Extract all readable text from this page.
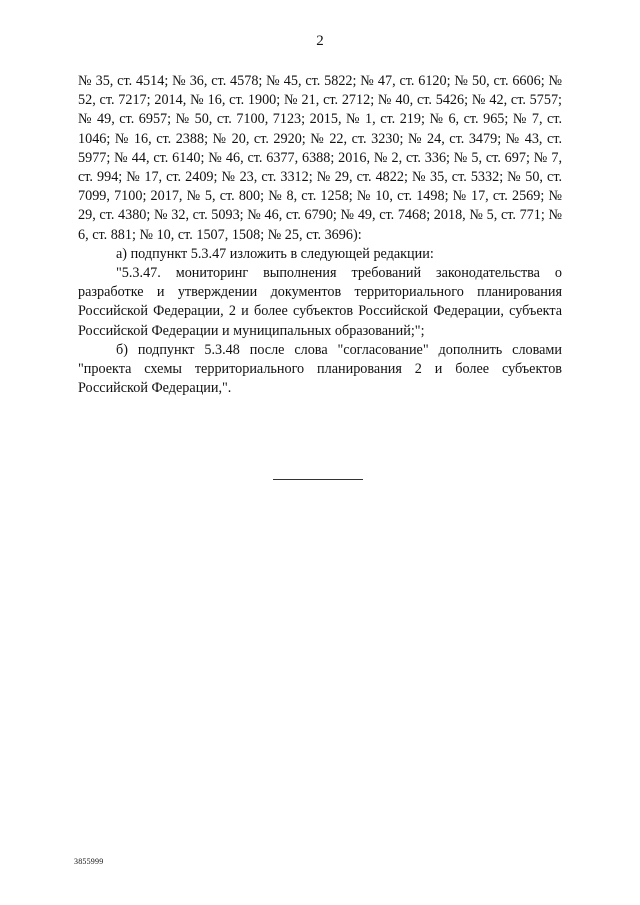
2

№ 35, ст. 4514; № 36, ст. 4578; № 45, ст. 5822; № 47, ст. 6120; № 50, ст. 6606; № 52, ст. 7217; 2014, № 16, ст. 1900; № 21, ст. 2712; № 40, ст. 5426; № 42, ст. 5757; № 49, ст. 6957; № 50, ст. 7100, 7123; 2015, № 1, ст. 219; № 6, ст. 965; № 7, ст. 1046; № 16, ст. 2388; № 20, ст. 2920; № 22, ст. 3230; № 24, ст. 3479; № 43, ст. 5977; № 44, ст. 6140; № 46, ст. 6377, 6388; 2016, № 2, ст. 336; № 5, ст. 697; № 7, ст. 994; № 17, ст. 2409; № 23, ст. 3312; № 29, ст. 4822; № 35, ст. 5332; № 50, ст. 7099, 7100; 2017, № 5, ст. 800; № 8, ст. 1258; № 10, ст. 1498; № 17, ст. 2569; № 29, ст. 4380; № 32, ст. 5093; № 46, ст. 6790; № 49, ст. 7468; 2018, № 5, ст. 771; № 6, ст. 881; № 10, ст. 1507, 1508; № 25, ст. 3696):

а) подпункт 5.3.47 изложить в следующей редакции:

"5.3.47. мониторинг выполнения требований законодательства о разработке и утверждении документов территориального планирования Российской Федерации, 2 и более субъектов Российской Федерации, субъекта Российской Федерации и муниципальных образований;";

б) подпункт 5.3.48 после слова "согласование" дополнить словами "проекта схемы территориального планирования 2 и более субъектов Российской Федерации,".

3855999
